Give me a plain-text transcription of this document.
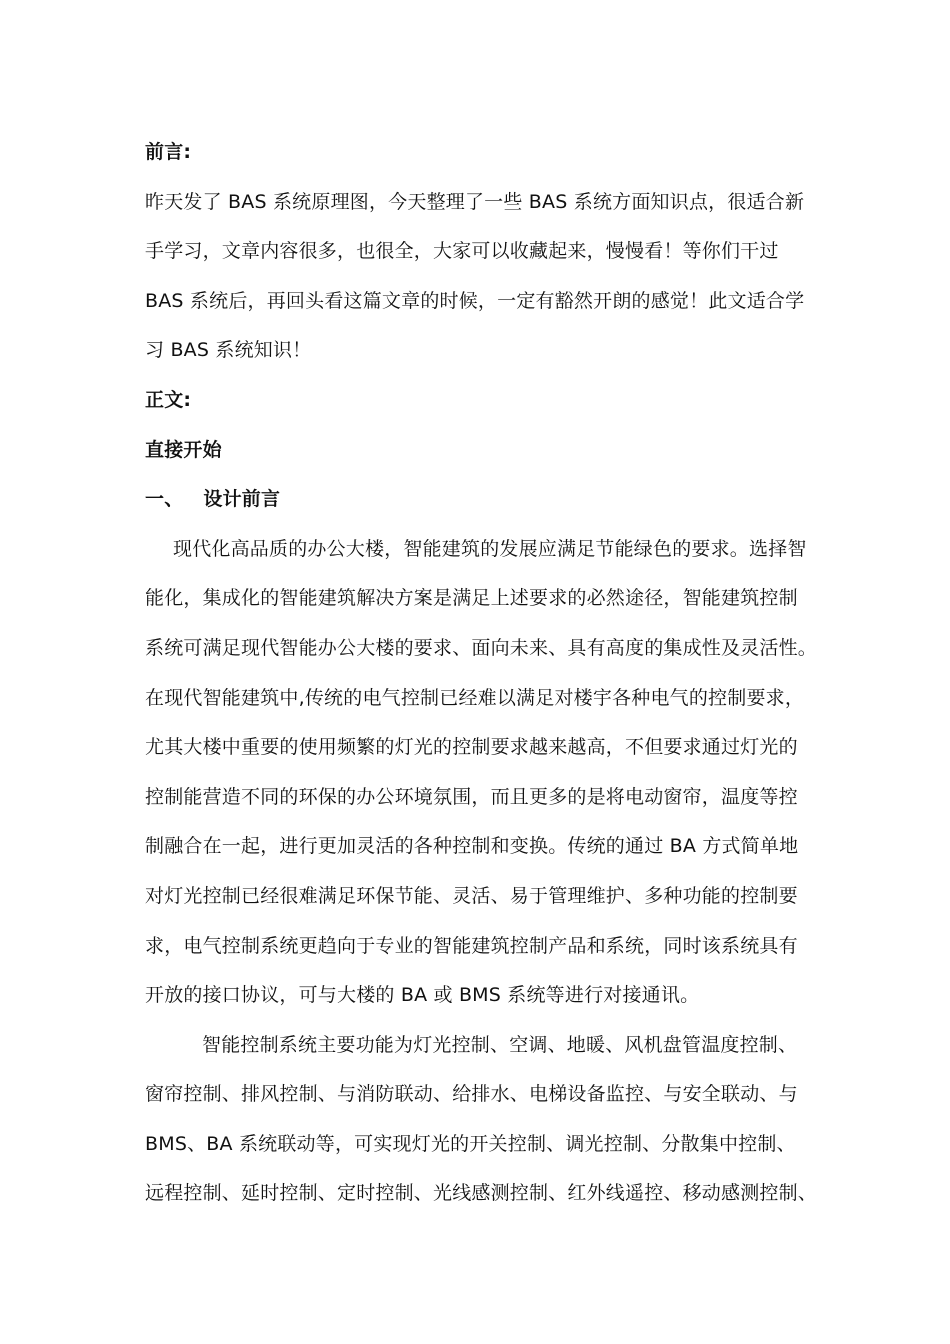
前言:
昨天发了 BAS 系统原理图，今天整理了一些 BAS 系统方面知识点，很适合新
手学习，文章内容很多，也很全，大家可以收藏起来，慢慢看！等你们干过
BAS 系统后，再回头看这篇文章的时候，一定有豁然开朗的感觉！此文适合学
习 BAS 系统知识！
正文:
直接开始
一、 设计前言
现代化高品质的办公大楼，智能建筑的发展应满足节能绿色的要求。选择智
能化，集成化的智能建筑解决方案是满足上述要求的必然途径，智能建筑控制
系统可满足现代智能办公大楼的要求、面向未来、具有高度的集成性及灵活性。
在现代智能建筑中,传统的电气控制已经难以满足对楼宇各种电气的控制要求，
尤其大楼中重要的使用频繁的灯光的控制要求越来越高，不但要求通过灯光的
控制能营造不同的环保的办公环境氛围，而且更多的是将电动窗帘，温度等控
制融合在一起，进行更加灵活的各种控制和变换。传统的通过 BA 方式简单地
对灯光控制已经很难满足环保节能、灵活、易于管理维护、多种功能的控制要
求，电气控制系统更趋向于专业的智能建筑控制产品和系统，同时该系统具有
开放的接口协议，可与大楼的 BA 或 BMS 系统等进行对接通讯。
智能控制系统主要功能为灯光控制、空调、地暖、风机盘管温度控制、
窗帘控制、排风控制、与消防联动、给排水、电梯设备监控、与安全联动、与
BMS、BA 系统联动等，可实现灯光的开关控制、调光控制、分散集中控制、
远程控制、延时控制、定时控制、光线感测控制、红外线遥控、移动感测控制、
